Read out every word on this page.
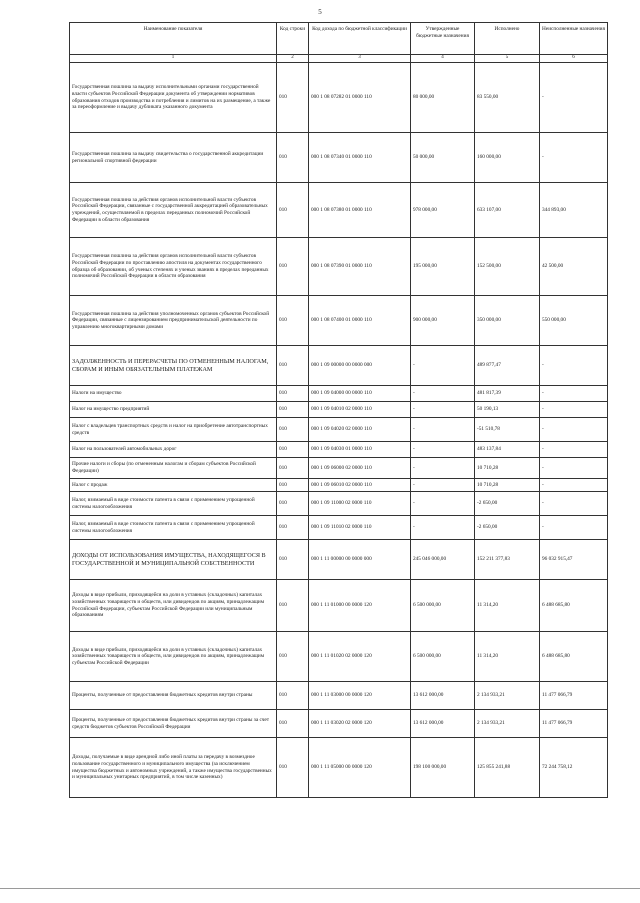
5
Наименование показателя	Код строки	Код дохода по бюджетной классификации	Утвержденные бюджетные назначения	Исполнено	Неисполненные назначения
1	2	3	4	5	6
Государственная пошлина за выдачу исполнительными органами государственной власти субъектов Российской Федерации документа об утверждении нормативов образования отходов производства и потребления и лимитов на их размещение, а также за переоформление и выдачу дубликата указанного документа	010	000 1 08 07282 01 0000 110	80 000,00	83 550,00	-
Государственная пошлина за выдачу свидетельства о государственной аккредитации региональной спортивной федерации	010	000 1 08 07340 01 0000 110	50 000,00	160 000,00	-
Государственная пошлина за действия органов исполнительной власти субъектов Российской Федерации, связанные с государственной аккредитацией образовательных учреждений, осуществляемой в пределах переданных полномочий Российской Федерации в области образования	010	000 1 08 07380 01 0000 110	978 000,00	633 107,00	344 893,00
Государственная пошлина за действия органов исполнительной власти субъектов Российской Федерации по проставлению апостиля на документах государственного образца об образовании, об ученых степенях и ученых званиях в пределах переданных полномочий Российской Федерации в области образования	010	000 1 08 07390 01 0000 110	195 000,00	152 500,00	42 500,00
Государственная пошлина за действия уполномоченных органов субъектов Российской Федерации, связанные с лицензированием предпринимательской деятельности по управлению многоквартирными домами	010	000 1 08 07400 01 0000 110	900 000,00	350 000,00	550 000,00
ЗАДОЛЖЕННОСТЬ И ПЕРЕРАСЧЕТЫ ПО ОТМЕНЕННЫМ НАЛОГАМ, СБОРАМ И ИНЫМ ОБЯЗАТЕЛЬНЫМ ПЛАТЕЖАМ	010	000 1 09 00000 00 0000 000	-	489 877,47	-
Налоги на имущество	010	000 1 09 04000 00 0000 110	-	481 817,39	-
Налог на имущество предприятий	010	000 1 09 04010 02 0000 110	-	50 190,13	-
Налог с владельцев транспортных средств и налог на приобретение автотранспортных средств	010	000 1 09 04020 02 0000 110	-	-51 510,78	-
Налог на пользователей автомобильных дорог	010	000 1 09 04030 01 0000 110	-	483 137,84	-
Прочие налоги и сборы (по отмененным налогам и сборам субъектов Российской Федерации)	010	000 1 09 06000 02 0000 110	-	10 710,28	-
Налог с продаж	010	000 1 09 06010 02 0000 110	-	10 710,28	-
Налог, взимаемый в виде стоимости патента в связи с применением упрощенной системы налогообложения	010	000 1 09 11000 02 0000 110	-	-2 650,00	-
Налог, взимаемый в виде стоимости патента в связи с применением упрощенной системы налогообложения	010	000 1 09 11010 02 0000 110	-	-2 650,00	-
ДОХОДЫ ОТ ИСПОЛЬЗОВАНИЯ ИМУЩЕСТВА, НАХОДЯЩЕГОСЯ В ГОСУДАРСТВЕННОЙ И МУНИЦИПАЛЬНОЙ СОБСТВЕННОСТИ	010	000 1 11 00000 00 0000 000	245 046 000,00	152 211 377,83	96 032 915,47
Доходы в виде прибыли, приходящейся на доли в уставных (складочных) капиталах хозяйственных товариществ и обществ, или дивидендов по акциям, принадлежащим Российской Федерации, субъектам Российской Федерации или муниципальным образованиям	010	000 1 11 01000 00 0000 120	6 500 000,00	11 314,20	6 488 685,80
Доходы в виде прибыли, приходящейся на доли в уставных (складочных) капиталах хозяйственных товариществ и обществ, или дивидендов по акциям, принадлежащим субъектам Российской Федерации	010	000 1 11 01020 02 0000 120	6 500 000,00	11 314,20	6 488 685,80
Проценты, полученные от предоставления бюджетных кредитов внутри страны	010	000 1 11 03000 00 0000 120	13 612 000,00	2 134 933,21	11 477 066,79
Проценты, полученные от предоставления бюджетных кредитов внутри страны за счет средств бюджетов субъектов Российской Федерации	010	000 1 11 03020 02 0000 120	13 612 000,00	2 134 933,21	11 477 066,79
Доходы, получаемые в виде арендной либо иной платы за передачу в возмездное пользование государственного и муниципального имущества (за исключением имущества бюджетных и автономных учреждений, а также имущества государственных и муниципальных унитарных предприятий, в том числе казенных)	010	000 1 11 05000 00 0000 120	198 100 000,00	125 855 241,88	72 244 758,12
